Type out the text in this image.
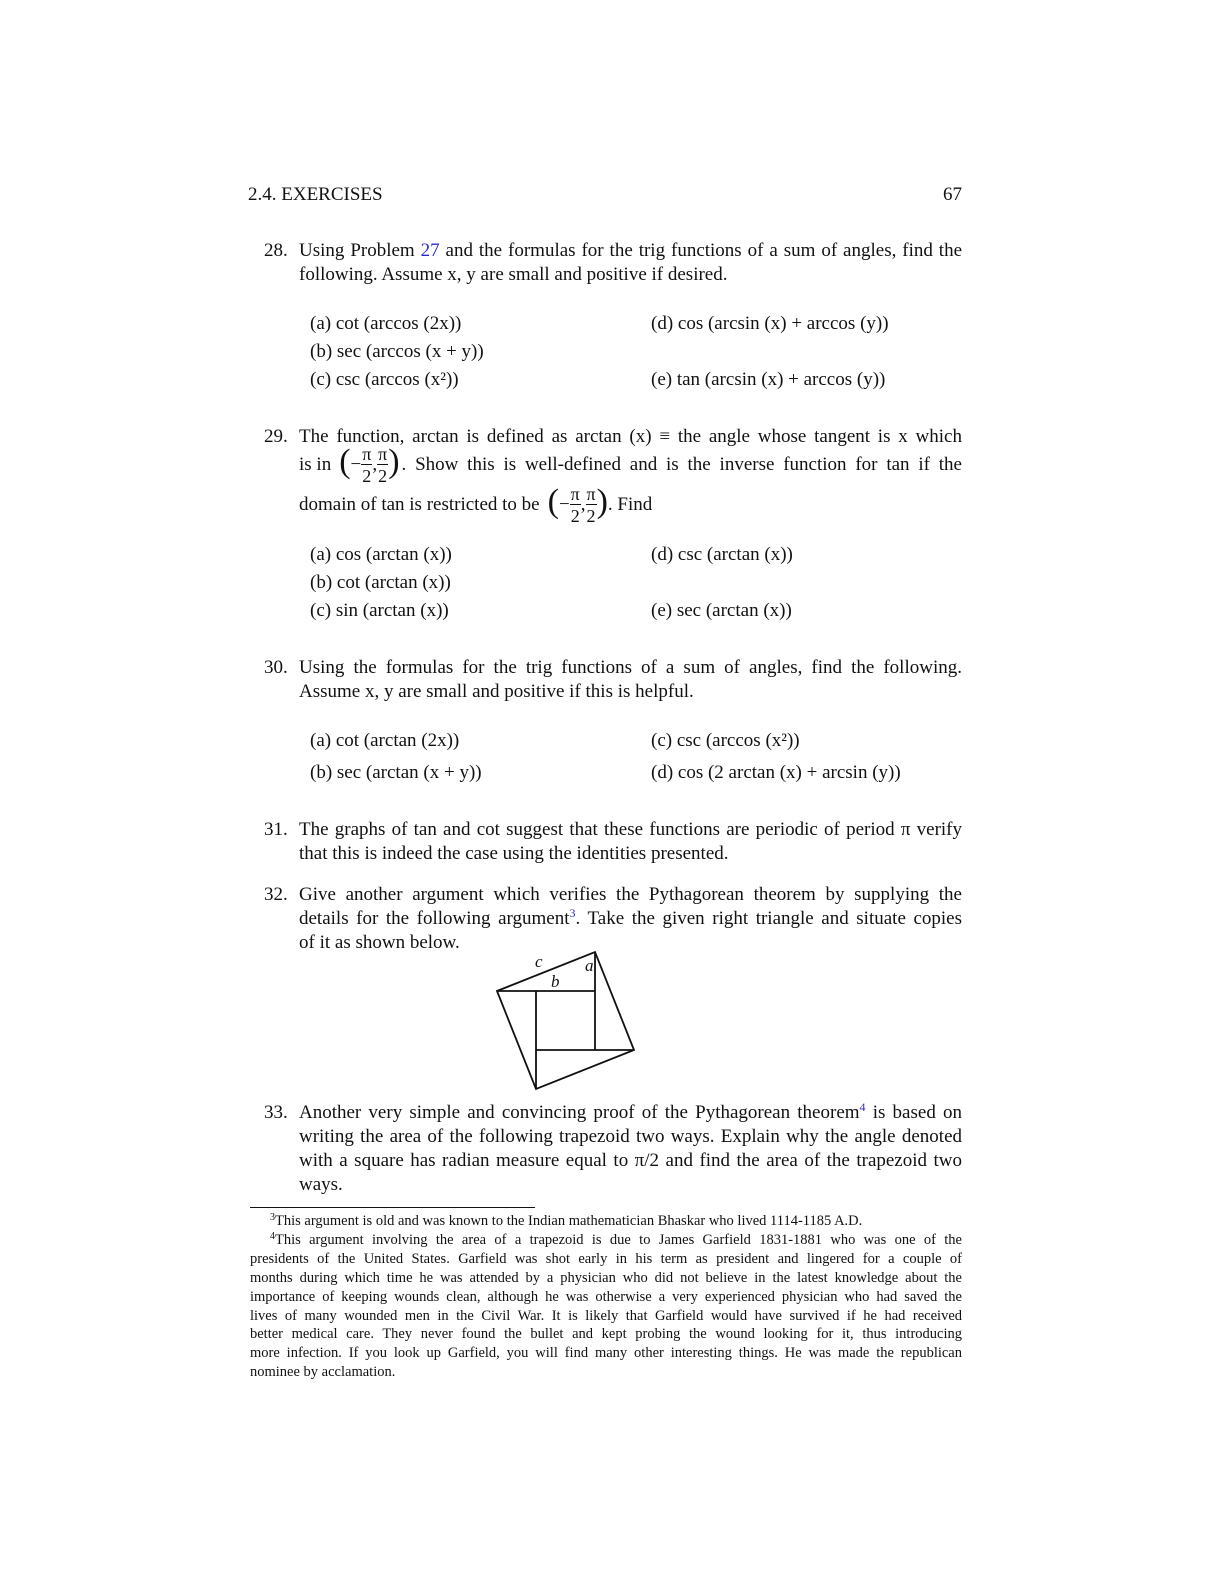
2.4. EXERCISES	67
28. Using Problem 27 and the formulas for the trig functions of a sum of angles, find the
following. Assume x, y are small and positive if desired.
(a) cot (arccos (2x))
(b) sec (arccos (x + y))
(c) csc (arccos (x²))
(d) cos (arcsin (x) + arccos (y))
(e) tan (arcsin (x) + arccos (y))
29. The function, arctan is defined as arctan (x) ≡ the angle whose tangent is x which
is in ( − $\frac{\pi}{2}$ , $\frac{\pi}{2}$ ) . Show this is well-defined and is the inverse function for tan if the
domain of tan is restricted to be ( − $\frac{\pi}{2}$ , $\frac{\pi}{2}$ ) . Find
(a) cos (arctan (x))
(b) cot (arctan (x))
(c) sin (arctan (x))
(d) csc (arctan (x))
(e) sec (arctan (x))
30. Using the formulas for the trig functions of a sum of angles, find the following.
Assume x, y are small and positive if this is helpful.
(a) cot (arctan (2x))
(b) sec (arctan (x + y))
(c) csc (arccos (x²))
(d) cos (2 arctan (x) + arcsin (y))
31. The graphs of tan and cot suggest that these functions are periodic of period π verify
that this is indeed the case using the identities presented.
32. Give another argument which verifies the Pythagorean theorem by supplying the
details for the following argument$^3$. Take the given right triangle and situate copies
of it as shown below.
c a
b
33. Another very simple and convincing proof of the Pythagorean theorem$^4$ is based on
writing the area of the following trapezoid two ways. Explain why the angle denoted
with a square has radian measure equal to π/2 and find the area of the trapezoid two
ways.
$^3$This argument is old and was known to the Indian mathematician Bhaskar who lived 1114-1185 A.D.
$^4$This argument involving the area of a trapezoid is due to James Garfield 1831-1881 who was one of the
presidents of the United States. Garfield was shot early in his term as president and lingered for a couple of
months during which time he was attended by a physician who did not believe in the latest knowledge about the
importance of keeping wounds clean, although he was otherwise a very experienced physician who had saved the
lives of many wounded men in the Civil War. It is likely that Garfield would have survived if he had received
better medical care. They never found the bullet and kept probing the wound looking for it, thus introducing
more infection. If you look up Garfield, you will find many other interesting things. He was made the republican
nominee by acclamation.
